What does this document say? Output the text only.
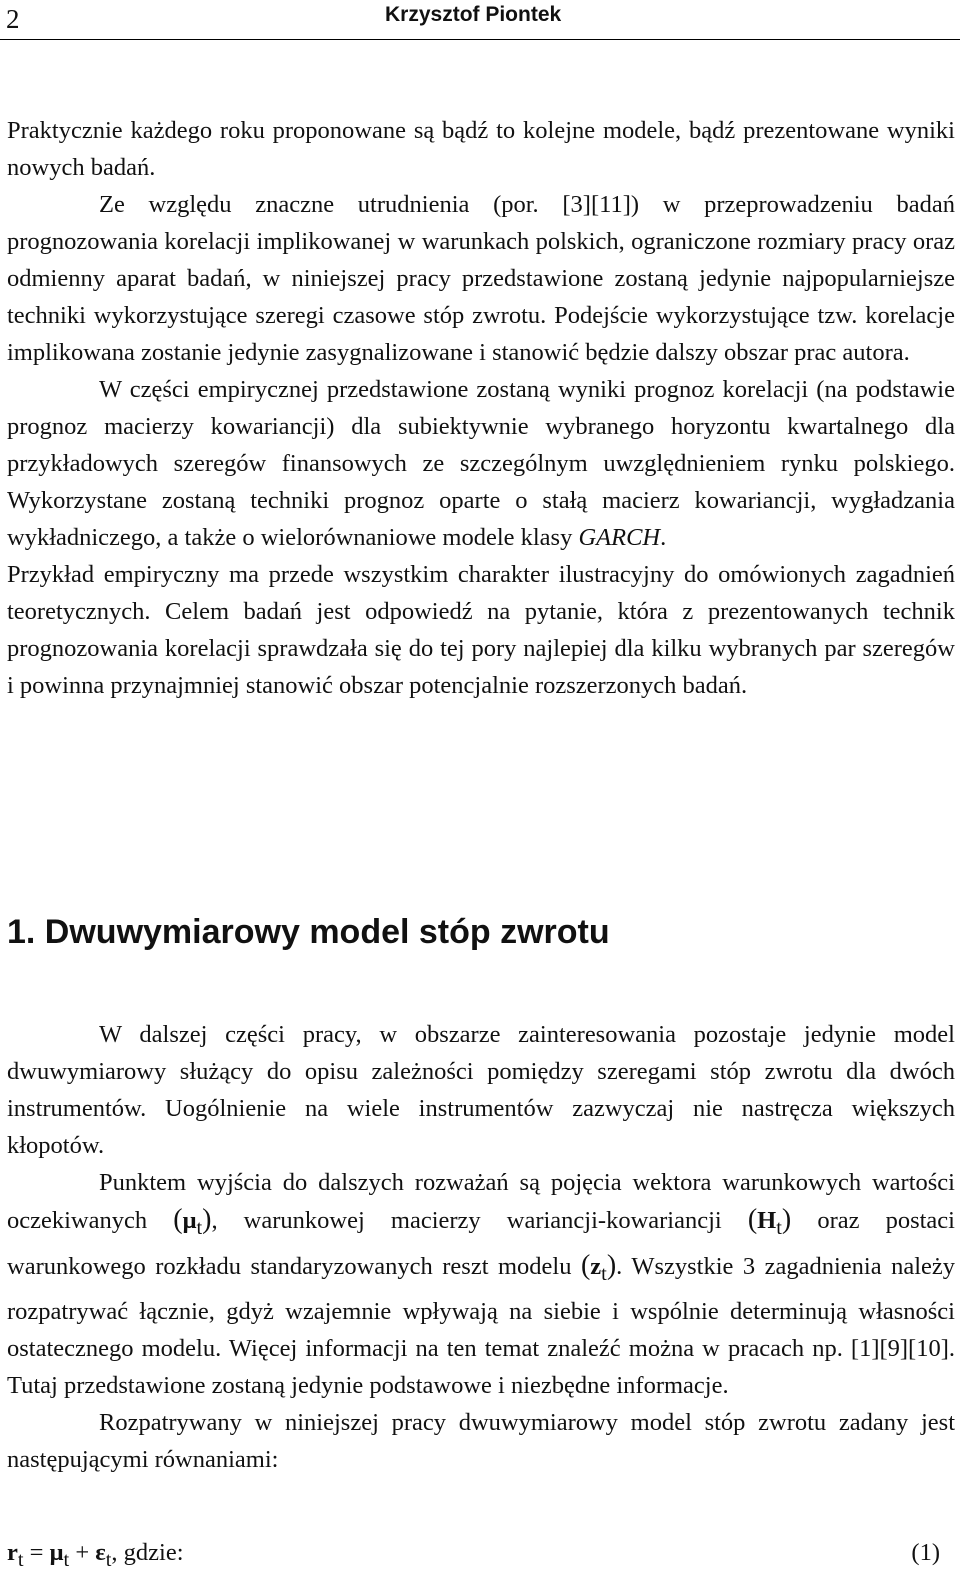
2	Krzysztof Piontek

Praktycznie każdego roku proponowane są bądź to kolejne modele, bądź prezentowane wyniki nowych badań.

Ze względu znaczne utrudnienia (por. [3][11]) w przeprowadzeniu badań prognozowania korelacji implikowanej w warunkach polskich, ograniczone rozmiary pracy oraz odmienny aparat badań, w niniejszej pracy przedstawione zostaną jedynie najpopularniejsze techniki wykorzystujące szeregi czasowe stóp zwrotu. Podejście wykorzystujące tzw. korelacje implikowana zostanie jedynie zasygnalizowane i stanowić będzie dalszy obszar prac autora.

W części empirycznej przedstawione zostaną wyniki prognoz korelacji (na podstawie prognoz macierzy kowariancji) dla subiektywnie wybranego horyzontu kwartalnego dla przykładowych szeregów finansowych ze szczególnym uwzględnieniem rynku polskiego. Wykorzystane zostaną techniki prognoz oparte o stałą macierz kowariancji, wygładzania wykładniczego, a także o wielorównaniowe modele klasy GARCH.

Przykład empiryczny ma przede wszystkim charakter ilustracyjny do omówionych zagadnień teoretycznych. Celem badań jest odpowiedź na pytanie, która z prezentowanych technik prognozowania korelacji sprawdzała się do tej pory najlepiej dla kilku wybranych par szeregów i powinna przynajmniej stanowić obszar potencjalnie rozszerzonych badań.

1. Dwuwymiarowy model stóp zwrotu

W dalszej części pracy, w obszarze zainteresowania pozostaje jedynie model dwuwymiarowy służący do opisu zależności pomiędzy szeregami stóp zwrotu dla dwóch instrumentów. Uogólnienie na wiele instrumentów zazwyczaj nie nastręcza większych kłopotów.

Punktem wyjścia do dalszych rozważań są pojęcia wektora warunkowych wartości oczekiwanych $(\mu_t)$, warunkowej macierzy wariancji-kowariancji $(H_t)$ oraz postaci warunkowego rozkładu standaryzowanych reszt modelu $(z_t)$. Wszystkie 3 zagadnienia należy rozpatrywać łącznie, gdyż wzajemnie wpływają na siebie i wspólnie determinują własności ostatecznego modelu. Więcej informacji na ten temat znaleźć można w pracach np. [1][9][10]. Tutaj przedstawione zostaną jedynie podstawowe i niezbędne informacje.

Rozpatrywany w niniejszej pracy dwuwymiarowy model stóp zwrotu zadany jest następującymi równaniami:

$r_t = \mu_t + \varepsilon_t$, gdzie:	(1)
